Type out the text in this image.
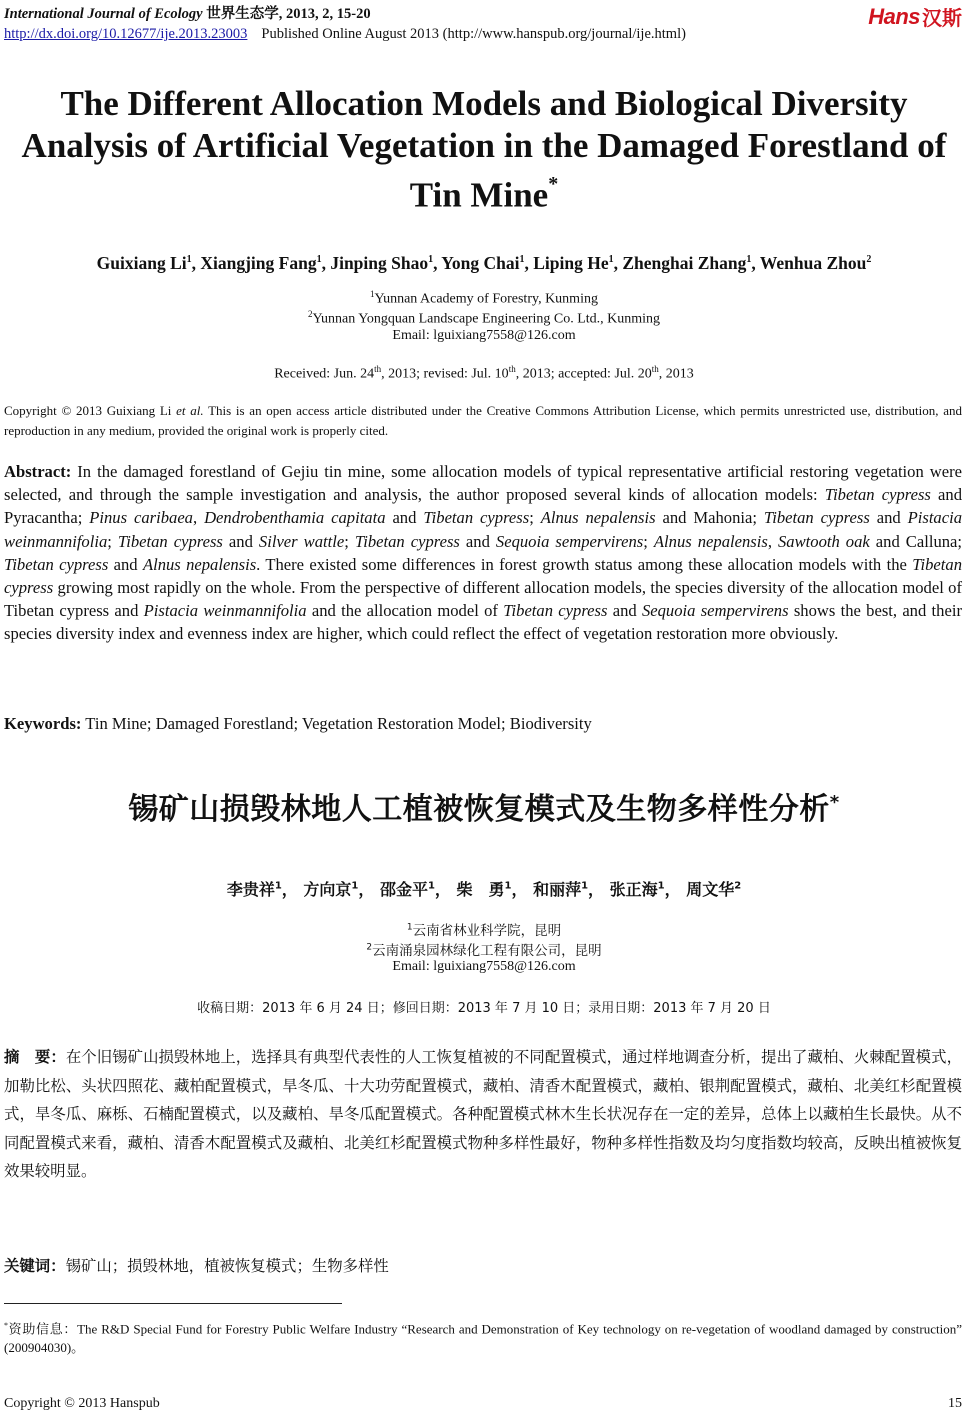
International Journal of Ecology 世界生态学, 2013, 2, 15-20
http://dx.doi.org/10.12677/ije.2013.23003 Published Online August 2013 (http://www.hanspub.org/journal/ije.html)
Hans 汉斯
The Different Allocation Models and Biological Diversity
Analysis of Artificial Vegetation in the Damaged Forestland of
Tin Mine*
Guixiang Li$^1$, Xiangjing Fang$^1$, Jinping Shao$^1$, Yong Chai$^1$, Liping He$^1$, Zhenghai Zhang$^1$, Wenhua Zhou$^2$
$^1$Yunnan Academy of Forestry, Kunming
$^2$Yunnan Yongquan Landscape Engineering Co. Ltd., Kunming
Email: lguixiang7558@126.com
Received: Jun. 24th, 2013; revised: Jul. 10th, 2013; accepted: Jul. 20th, 2013
Copyright © 2013 Guixiang Li et al. This is an open access article distributed under the Creative Commons Attribution License, which permits unrestricted use, distribution, and reproduction in any medium, provided the original work is properly cited.
Abstract: In the damaged forestland of Gejiu tin mine, some allocation models of typical representative artificial restoring vegetation were selected, and through the sample investigation and analysis, the author proposed several kinds of allocation models: Tibetan cypress and Pyracantha; Pinus caribaea, Dendrobenthamia capitata and Tibetan cypress; Alnus nepalensis and Mahonia; Tibetan cypress and Pistacia weinmannifolia; Tibetan cypress and Silver wattle; Tibetan cypress and Sequoia sempervirens; Alnus nepalensis, Sawtooth oak and Calluna; Tibetan cypress and Alnus nepalensis. There existed some differences in forest growth status among these allocation models with the Tibetan cypress growing most rapidly on the whole. From the perspective of different allocation models, the species diversity of the allocation model of Tibetan cypress and Pistacia weinmannifolia and the allocation model of Tibetan cypress and Sequoia sempervirens shows the best, and their species diversity index and evenness index are higher, which could reflect the effect of vegetation restoration more obviously.
Keywords: Tin Mine; Damaged Forestland; Vegetation Restoration Model; Biodiversity
锡矿山损毁林地人工植被恢复模式及生物多样性分析*
李贵祥$^1$， 方向京$^1$， 邵金平$^1$， 柴　勇$^1$， 和丽萍$^1$， 张正海$^1$， 周文华$^2$
$^1$云南省林业科学院，昆明
$^2$云南涌泉园林绿化工程有限公司，昆明
Email: lguixiang7558@126.com
收稿日期：2013 年 6 月 24 日；修回日期：2013 年 7 月 10 日；录用日期：2013 年 7 月 20 日
摘　要：在个旧锡矿山损毁林地上，选择具有典型代表性的人工恢复植被的不同配置模式，通过样地调查分析，提出了藏柏、火棘配置模式，加勒比松、头状四照花、藏柏配置模式，旱冬瓜、十大功劳配置模式，藏柏、清香木配置模式，藏柏、银荆配置模式，藏柏、北美红杉配置模式，旱冬瓜、麻栎、石楠配置模式，以及藏柏、旱冬瓜配置模式。各种配置模式林木生长状况存在一定的差异，总体上以藏柏生长最快。从不同配置模式来看，藏柏、清香木配置模式及藏柏、北美红杉配置模式物种多样性最好，物种多样性指数及均匀度指数均较高，反映出植被恢复效果较明显。
关键词：锡矿山；损毁林地，植被恢复模式；生物多样性
*资助信息：The R&D Special Fund for Forestry Public Welfare Industry “Research and Demonstration of Key technology on re-vegetation of woodland damaged by construction” (200904030)。
Copyright © 2013 Hanspub	15
